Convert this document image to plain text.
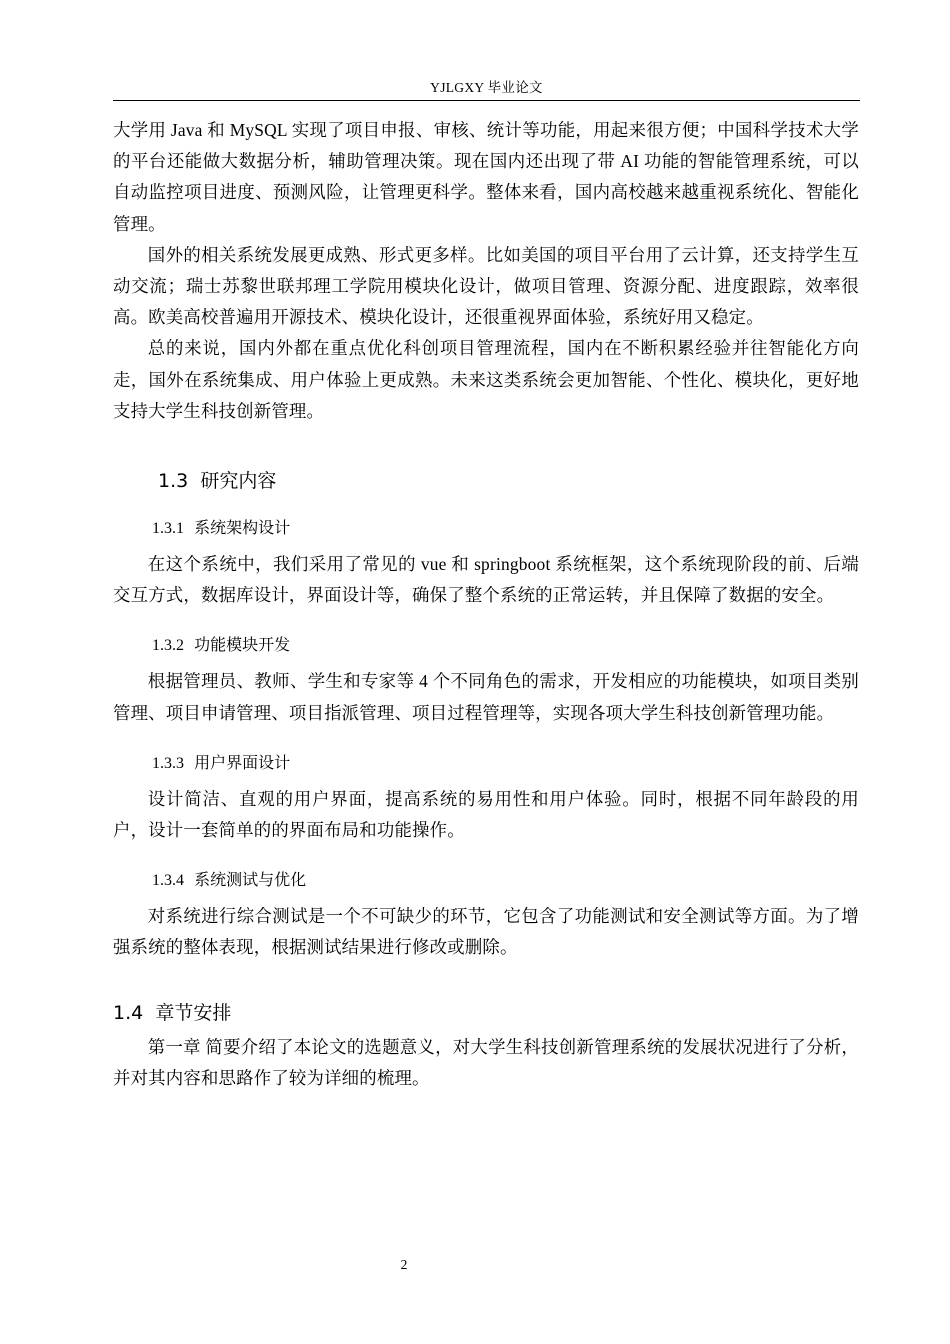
YJLGXY 毕业论文

大学用 Java 和 MySQL 实现了项目申报、审核、统计等功能，用起来很方便；中国科学技术大学的平台还能做大数据分析，辅助管理决策。现在国内还出现了带 AI 功能的智能管理系统，可以自动监控项目进度、预测风险，让管理更科学。整体来看，国内高校越来越重视系统化、智能化管理。

国外的相关系统发展更成熟、形式更多样。比如美国的项目平台用了云计算，还支持学生互动交流；瑞士苏黎世联邦理工学院用模块化设计，做项目管理、资源分配、进度跟踪，效率很高。欧美高校普遍用开源技术、模块化设计，还很重视界面体验，系统好用又稳定。

总的来说，国内外都在重点优化科创项目管理流程，国内在不断积累经验并往智能化方向走，国外在系统集成、用户体验上更成熟。未来这类系统会更加智能、个性化、模块化，更好地支持大学生科技创新管理。

1.3 研究内容
1.3.1 系统架构设计

在这个系统中，我们采用了常见的 vue 和 springboot 系统框架，这个系统现阶段的前、后端交互方式，数据库设计，界面设计等，确保了整个系统的正常运转，并且保障了数据的安全。

1.3.2 功能模块开发

根据管理员、教师、学生和专家等 4 个不同角色的需求，开发相应的功能模块，如项目类别管理、项目申请管理、项目指派管理、项目过程管理等，实现各项大学生科技创新管理功能。

1.3.3 用户界面设计

设计简洁、直观的用户界面，提高系统的易用性和用户体验。同时，根据不同年龄段的用户，设计一套简单的的界面布局和功能操作。

1.3.4 系统测试与优化

对系统进行综合测试是一个不可缺少的环节，它包含了功能测试和安全测试等方面。为了增强系统的整体表现，根据测试结果进行修改或删除。

1.4 章节安排

第一章 简要介绍了本论文的选题意义，对大学生科技创新管理系统的发展状况进行了分析，并对其内容和思路作了较为详细的梳理。

2
